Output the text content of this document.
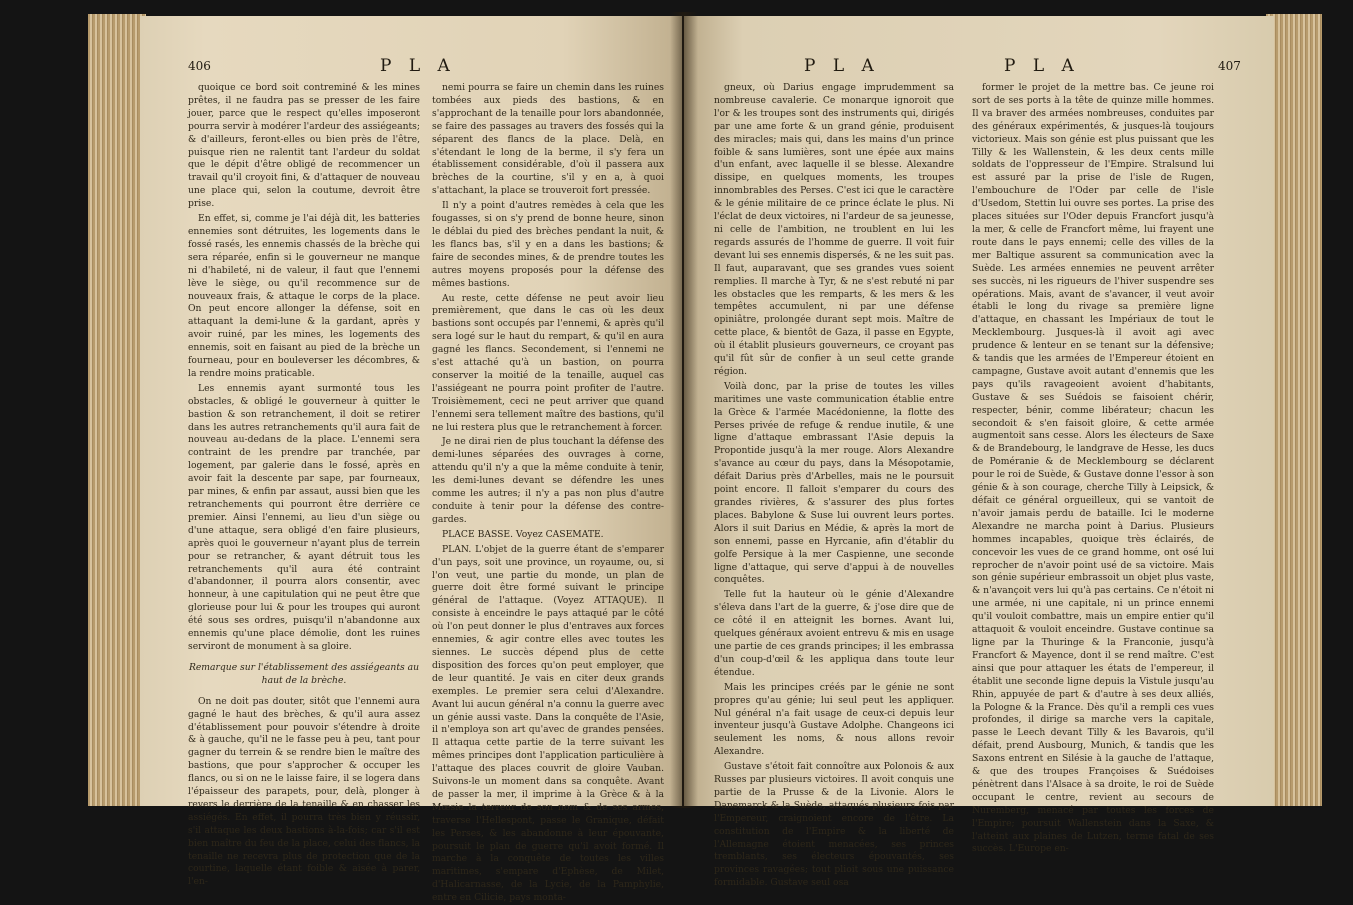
406	P L A

quoique ce bord soit contreminé & les mines prêtes, il ne faudra pas se presser de les faire jouer, parce que le respect qu'elles imposeront pourra servir à modérer l'ardeur des assiégeants; & d'ailleurs, feront-elles ou bien près de l'être, puisque rien ne ralentit tant l'ardeur du soldat que le dépit d'être obligé de recommencer un travail qu'il croyoit fini, & d'attaquer de nouveau une place qui, selon la coutume, devroit être prise.

En effet, si, comme je l'ai déjà dit, les batteries ennemies sont détruites, les logements dans le fossé rasés, les ennemis chassés de la brèche qui sera réparée, enfin si le gouverneur ne manque ni d'habileté, ni de valeur, il faut que l'ennemi lève le siège, ou qu'il recommence sur de nouveaux frais, & attaque le corps de la place. On peut encore allonger la défense, soit en attaquant la demi-lune & la gardant, après y avoir ruiné, par les mines, les logements des ennemis, soit en faisant au pied de la brèche un fourneau, pour en bouleverser les décombres, & la rendre moins praticable.

Les ennemis ayant surmonté tous les obstacles, & obligé le gouverneur à quitter le bastion & son retranchement, il doit se retirer dans les autres retranchements qu'il aura fait de nouveau au-dedans de la place. L'ennemi sera contraint de les prendre par tranchée, par logement, par galerie dans le fossé, après en avoir fait la descente par sape, par fourneaux, par mines, & enfin par assaut, aussi bien que les retranchements qui pourront être derrière ce premier. Ainsi l'ennemi, au lieu d'un siège ou d'une attaque, sera obligé d'en faire plusieurs, après quoi le gouverneur n'ayant plus de terrein pour se retrancher, & ayant détruit tous les retranchements qu'il aura été contraint d'abandonner, il pourra alors consentir, avec honneur, à une capitulation qui ne peut être que glorieuse pour lui & pour les troupes qui auront été sous ses ordres, puisqu'il n'abandonne aux ennemis qu'une place démolie, dont les ruines serviront de monument à sa gloire.

Remarque sur l'établissement des assiégeants au haut de la brèche.

On ne doit pas douter, sitôt que l'ennemi aura gagné le haut des brèches, & qu'il aura assez d'établissement pour pouvoir s'étendre à droite & à gauche, qu'il ne le fasse peu à peu, tant pour gagner du terrein & se rendre bien le maître des bastions, que pour s'approcher & occuper les flancs, ou si on ne le laisse faire, il se logera dans l'épaisseur des parapets, pour, delà, plonger à revers le derrière de la tenaille & en chasser les assiégés. En effet, il pourra très bien y réussir, s'il attaque les deux bastions à-la-fois; car s'il est bien maître du feu de la place, celui des flancs, la tenaille ne recevra plus de protection que de la courtine, laquelle étant foible & aisée à parer, l'en-

nemi pourra se faire un chemin dans les ruines tombées aux pieds des bastions, & en s'approchant de la tenaille pour lors abandonnée, se faire des passages au travers des fossés qui la séparent des flancs de la place. Delà, en s'étendant le long de la berme, il s'y fera un établissement considérable, d'où il passera aux brèches de la courtine, s'il y en a, à quoi s'attachant, la place se trouveroit fort pressée.

Il n'y a point d'autres remèdes à cela que les fougasses, si on s'y prend de bonne heure, sinon le déblai du pied des brèches pendant la nuit, & les flancs bas, s'il y en a dans les bastions; & faire de secondes mines, & de prendre toutes les autres moyens proposés pour la défense des mêmes bastions.

Au reste, cette défense ne peut avoir lieu premièrement, que dans le cas où les deux bastions sont occupés par l'ennemi, & après qu'il sera logé sur le haut du rempart, & qu'il en aura gagné les flancs. Secondement, si l'ennemi ne s'est attaché qu'à un bastion, on pourra conserver la moitié de la tenaille, auquel cas l'assiégeant ne pourra point profiter de l'autre. Troisièmement, ceci ne peut arriver que quand l'ennemi sera tellement maître des bastions, qu'il ne lui restera plus que le retranchement à forcer.

Je ne dirai rien de plus touchant la défense des demi-lunes séparées des ouvrages à corne, attendu qu'il n'y a que la même conduite à tenir, les demi-lunes devant se défendre les unes comme les autres; il n'y a pas non plus d'autre conduite à tenir pour la défense des contre-gardes.

PLACE BASSE. Voyez CASEMATE.

PLAN. L'objet de la guerre étant de s'emparer d'un pays, soit une province, un royaume, ou, si l'on veut, une partie du monde, un plan de guerre doit être formé suivant le principe général de l'attaque. (Voyez ATTAQUE). Il consiste à enceindre le pays attaqué par le côté où l'on peut donner le plus d'entraves aux forces ennemies, & agir contre elles avec toutes les siennes. Le succès dépend plus de cette disposition des forces qu'on peut employer, que de leur quantité. Je vais en citer deux grands exemples. Le premier sera celui d'Alexandre. Avant lui aucun général n'a connu la guerre avec un génie aussi vaste. Dans la conquête de l'Asie, il n'employa son art qu'avec de grandes pensées. Il attaqua cette partie de la terre suivant les mêmes principes dont l'application particulière à l'attaque des places couvrit de gloire Vauban. Suivons-le un moment dans sa conquête. Avant de passer la mer, il imprime à la Grèce & à la Mœsie la terreur de son nom & de ses armes, traverse l'Hellespont, passe le Granique, défait les Perses, & les abandonne à leur épouvante, poursuit le plan de guerre qu'il avoit formé. Il marche à la conquête de toutes les villes maritimes, s'empare d'Ephèse, de Milet, d'Halicarnasse, de la Lycie, de la Pamphylie, entre en Cilicie, pays monta-

P L A	P L A	407

gneux, où Darius engage imprudemment sa nombreuse cavalerie. Ce monarque ignoroit que l'or & les troupes sont des instruments qui, dirigés par une ame forte & un grand génie, produisent des miracles; mais qui, dans les mains d'un prince foible & sans lumières, sont une épée aux mains d'un enfant, avec laquelle il se blesse. Alexandre dissipe, en quelques moments, les troupes innombrables des Perses. C'est ici que le caractère & le génie militaire de ce prince éclate le plus. Ni l'éclat de deux victoires, ni l'ardeur de sa jeunesse, ni celle de l'ambition, ne troublent en lui les regards assurés de l'homme de guerre. Il voit fuir devant lui ses ennemis dispersés, & ne les suit pas. Il faut, auparavant, que ses grandes vues soient remplies. Il marche à Tyr, & ne s'est rebuté ni par les obstacles que les remparts, & les mers & les tempêtes accumulent, ni par une défense opiniâtre, prolongée durant sept mois. Maître de cette place, & bientôt de Gaza, il passe en Egypte, où il établit plusieurs gouverneurs, ce croyant pas qu'il fût sûr de confier à un seul cette grande région.

Voilà donc, par la prise de toutes les villes maritimes une vaste communication établie entre la Grèce & l'armée Macédonienne, la flotte des Perses privée de refuge & rendue inutile, & une ligne d'attaque embrassant l'Asie depuis la Propontide jusqu'à la mer rouge. Alors Alexandre s'avance au cœur du pays, dans la Mésopotamie, défait Darius près d'Arbelles, mais ne le poursuit point encore. Il falloit s'emparer du cours des grandes rivières, & s'assurer des plus fortes places. Babylone & Suse lui ouvrent leurs portes. Alors il suit Darius en Médie, & après la mort de son ennemi, passe en Hyrcanie, afin d'établir du golfe Persique à la mer Caspienne, une seconde ligne d'attaque, qui serve d'appui à de nouvelles conquêtes.

Telle fut la hauteur où le génie d'Alexandre s'éleva dans l'art de la guerre, & j'ose dire que de ce côté il en atteignit les bornes. Avant lui, quelques généraux avoient entrevu & mis en usage une partie de ces grands principes; il les embrassa d'un coup-d'œil & les appliqua dans toute leur étendue.

Mais les principes créés par le génie ne sont propres qu'au génie; lui seul peut les appliquer. Nul général n'a fait usage de ceux-ci depuis leur inventeur jusqu'à Gustave Adolphe. Changeons ici seulement les noms, & nous allons revoir Alexandre.

Gustave s'étoit fait connoître aux Polonois & aux Russes par plusieurs victoires. Il avoit conquis une partie de la Prusse & de la Livonie. Alors le Danemarck & la Suède, attaqués plusieurs fois par l'Empereur, craignoient encore de l'être. La constitution de l'Empire & la liberté de l'Allemagne étoient menacées, ses princes tremblants, ses électeurs épouvantés, ses provinces ravagées; tout plioit sous une puissance formidable. Gustave seul osa

former le projet de la mettre bas. Ce jeune roi sort de ses ports à la tête de quinze mille hommes. Il va braver des armées nombreuses, conduites par des généraux expérimentés, & jusques-là toujours victorieux. Mais son génie est plus puissant que les Tilly & les Wallenstein, & les deux cents mille soldats de l'oppresseur de l'Empire. Stralsund lui est assuré par la prise de l'isle de Rugen, l'embouchure de l'Oder par celle de l'isle d'Usedom, Stettin lui ouvre ses portes. La prise des places situées sur l'Oder depuis Francfort jusqu'à la mer, & celle de Francfort même, lui frayent une route dans le pays ennemi; celle des villes de la mer Baltique assurent sa communication avec la Suède. Les armées ennemies ne peuvent arrêter ses succès, ni les rigueurs de l'hiver suspendre ses opérations. Mais, avant de s'avancer, il veut avoir établi le long du rivage sa première ligne d'attaque, en chassant les Impériaux de tout le Mecklembourg. Jusques-là il avoit agi avec prudence & lenteur en se tenant sur la défensive; & tandis que les armées de l'Empereur étoient en campagne, Gustave avoit autant d'ennemis que les pays qu'ils ravageoient avoient d'habitants, Gustave & ses Suédois se faisoient chérir, respecter, bénir, comme libérateur; chacun les secondoit & s'en faisoit gloire, & cette armée augmentoit sans cesse. Alors les électeurs de Saxe & de Brandebourg, le landgrave de Hesse, les ducs de Poméranie & de Mecklembourg se déclarent pour le roi de Suède, & Gustave donne l'essor à son génie & à son courage, cherche Tilly à Leipsick, & défait ce général orgueilleux, qui se vantoit de n'avoir jamais perdu de bataille. Ici le moderne Alexandre ne marcha point à Darius. Plusieurs hommes incapables, quoique très éclairés, de concevoir les vues de ce grand homme, ont osé lui reprocher de n'avoir point usé de sa victoire. Mais son génie supérieur embrassoit un objet plus vaste, & n'avançoit vers lui qu'à pas certains. Ce n'étoit ni une armée, ni une capitale, ni un prince ennemi qu'il vouloit combattre, mais un empire entier qu'il attaquoit & vouloit enceindre. Gustave continue sa ligne par la Thuringe & la Franconie, jusqu'à Francfort & Mayence, dont il se rend maître. C'est ainsi que pour attaquer les états de l'empereur, il établit une seconde ligne depuis la Vistule jusqu'au Rhin, appuyée de part & d'autre à ses deux alliés, la Pologne & la France. Dès qu'il a rempli ces vues profondes, il dirige sa marche vers la capitale, passe le Leech devant Tilly & les Bavarois, qu'il défait, prend Ausbourg, Munich, & tandis que les Saxons entrent en Silésie à la gauche de l'attaque, & que des troupes Françoises & Suédoises pénètrent dans l'Alsace à sa droite, le roi de Suède occupant le centre, revient au secours de Nuremberg, menacé par toutes les forces de l'Empire; poursuit Wallenstein dans la Saxe, & l'atteint aux plaines de Lutzen, terme fatal de ses succès. L'Europe en-
